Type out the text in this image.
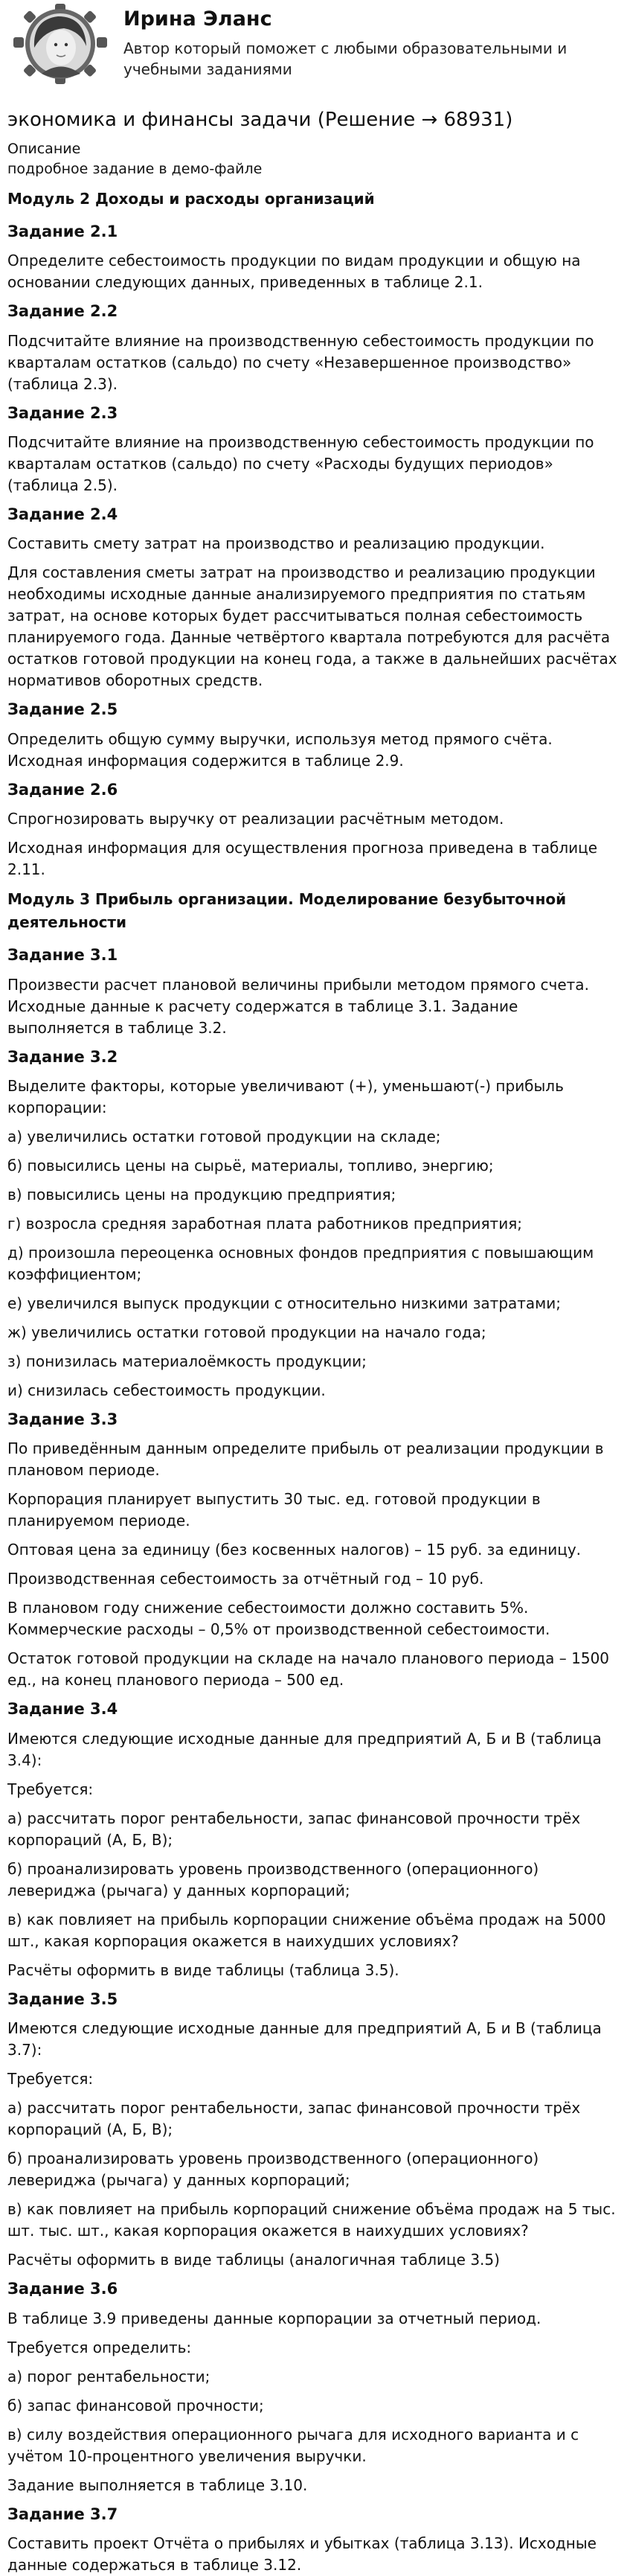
Ирина Эланс
Автор который поможет с любыми образовательными и учебными заданиями
экономика и финансы задачи (Решение → 68931)

Описание

подробное задание в демо-файле

Модуль 2 Доходы и расходы организаций
Задание 2.1
Определите себестоимость продукции по видам продукции и общую на основании следующих данных, приведенных в таблице 2.1.
Задание 2.2
Подсчитайте влияние на производственную себестоимость продукции по кварталам остатков (сальдо) по счету «Незавершенное производство» (таблица 2.3).
Задание 2.3
Подсчитайте влияние на производственную себестоимость продукции по кварталам остатков (сальдо) по счету «Расходы будущих периодов» (таблица 2.5).
Задание 2.4
Составить смету затрат на производство и реализацию продукции.
Для составления сметы затрат на производство и реализацию продукции необходимы исходные данные анализируемого предприятия по статьям затрат, на основе которых будет рассчитываться полная себестоимость планируемого года. Данные четвёртого квартала потребуются для расчёта остатков готовой продукции на конец года, а также в дальнейших расчётах нормативов оборотных средств.
Задание 2.5
Определить общую сумму выручки, используя метод прямого счёта. Исходная информация содержится в таблице 2.9.
Задание 2.6
Спрогнозировать выручку от реализации расчётным методом.
Исходная информация для осуществления прогноза приведена в таблице 2.11.
Модуль 3 Прибыль организации. Моделирование безубыточной деятельности
Задание 3.1
Произвести расчет плановой величины прибыли методом прямого счета. Исходные данные к расчету содержатся в таблице 3.1. Задание выполняется в таблице 3.2.
Задание 3.2
Выделите факторы, которые увеличивают (+), уменьшают(-) прибыль корпорации:
а) увеличились остатки готовой продукции на складе;
б) повысились цены на сырьё, материалы, топливо, энергию;
в) повысились цены на продукцию предприятия;
г) возросла средняя заработная плата работников предприятия;
д) произошла переоценка основных фондов предприятия с повышающим коэффициентом;
е) увеличился выпуск продукции с относительно низкими затратами;
ж) увеличились остатки готовой продукции на начало года;
з) понизилась материалоёмкость продукции;
и) снизилась себестоимость продукции.
Задание 3.3
По приведённым данным определите прибыль от реализации продукции в плановом периоде.
Корпорация планирует выпустить 30 тыс. ед. готовой продукции в планируемом периоде.
Оптовая цена за единицу (без косвенных налогов) – 15 руб. за единицу.
Производственная себестоимость за отчётный год – 10 руб.
В плановом году снижение себестоимости должно составить 5%. Коммерческие расходы – 0,5% от производственной себестоимости.
Остаток готовой продукции на складе на начало планового периода – 1500 ед., на конец планового периода – 500 ед.
Задание 3.4
Имеются следующие исходные данные для предприятий А, Б и В (таблица 3.4):
Требуется:
а) рассчитать порог рентабельности, запас финансовой прочности трёх корпораций (А, Б, В);
б) проанализировать уровень производственного (операционного) левериджа (рычага) у данных корпораций;
в) как повлияет на прибыль корпорации снижение объёма продаж на 5000 шт., какая корпорация окажется в наихудших условиях?
Расчёты оформить в виде таблицы (таблица 3.5).
Задание 3.5
Имеются следующие исходные данные для предприятий А, Б и В (таблица 3.7):
Требуется:
а) рассчитать порог рентабельности, запас финансовой прочности трёх корпораций (А, Б, В);
б) проанализировать уровень производственного (операционного) левериджа (рычага) у данных корпораций;
в) как повлияет на прибыль корпораций снижение объёма продаж на 5 тыс. шт. тыс. шт., какая корпорация окажется в наихудших условиях?
Расчёты оформить в виде таблицы (аналогичная таблице 3.5)
Задание 3.6
В таблице 3.9 приведены данные корпорации за отчетный период.
Требуется определить:
а) порог рентабельности;
б) запас финансовой прочности;
в) силу воздействия операционного рычага для исходного варианта и с учётом 10-процентного увеличения выручки.
Задание выполняется в таблице 3.10.
Задание 3.7
Составить проект Отчёта о прибылях и убытках (таблица 3.13). Исходные данные содержаться в таблице 3.12.
